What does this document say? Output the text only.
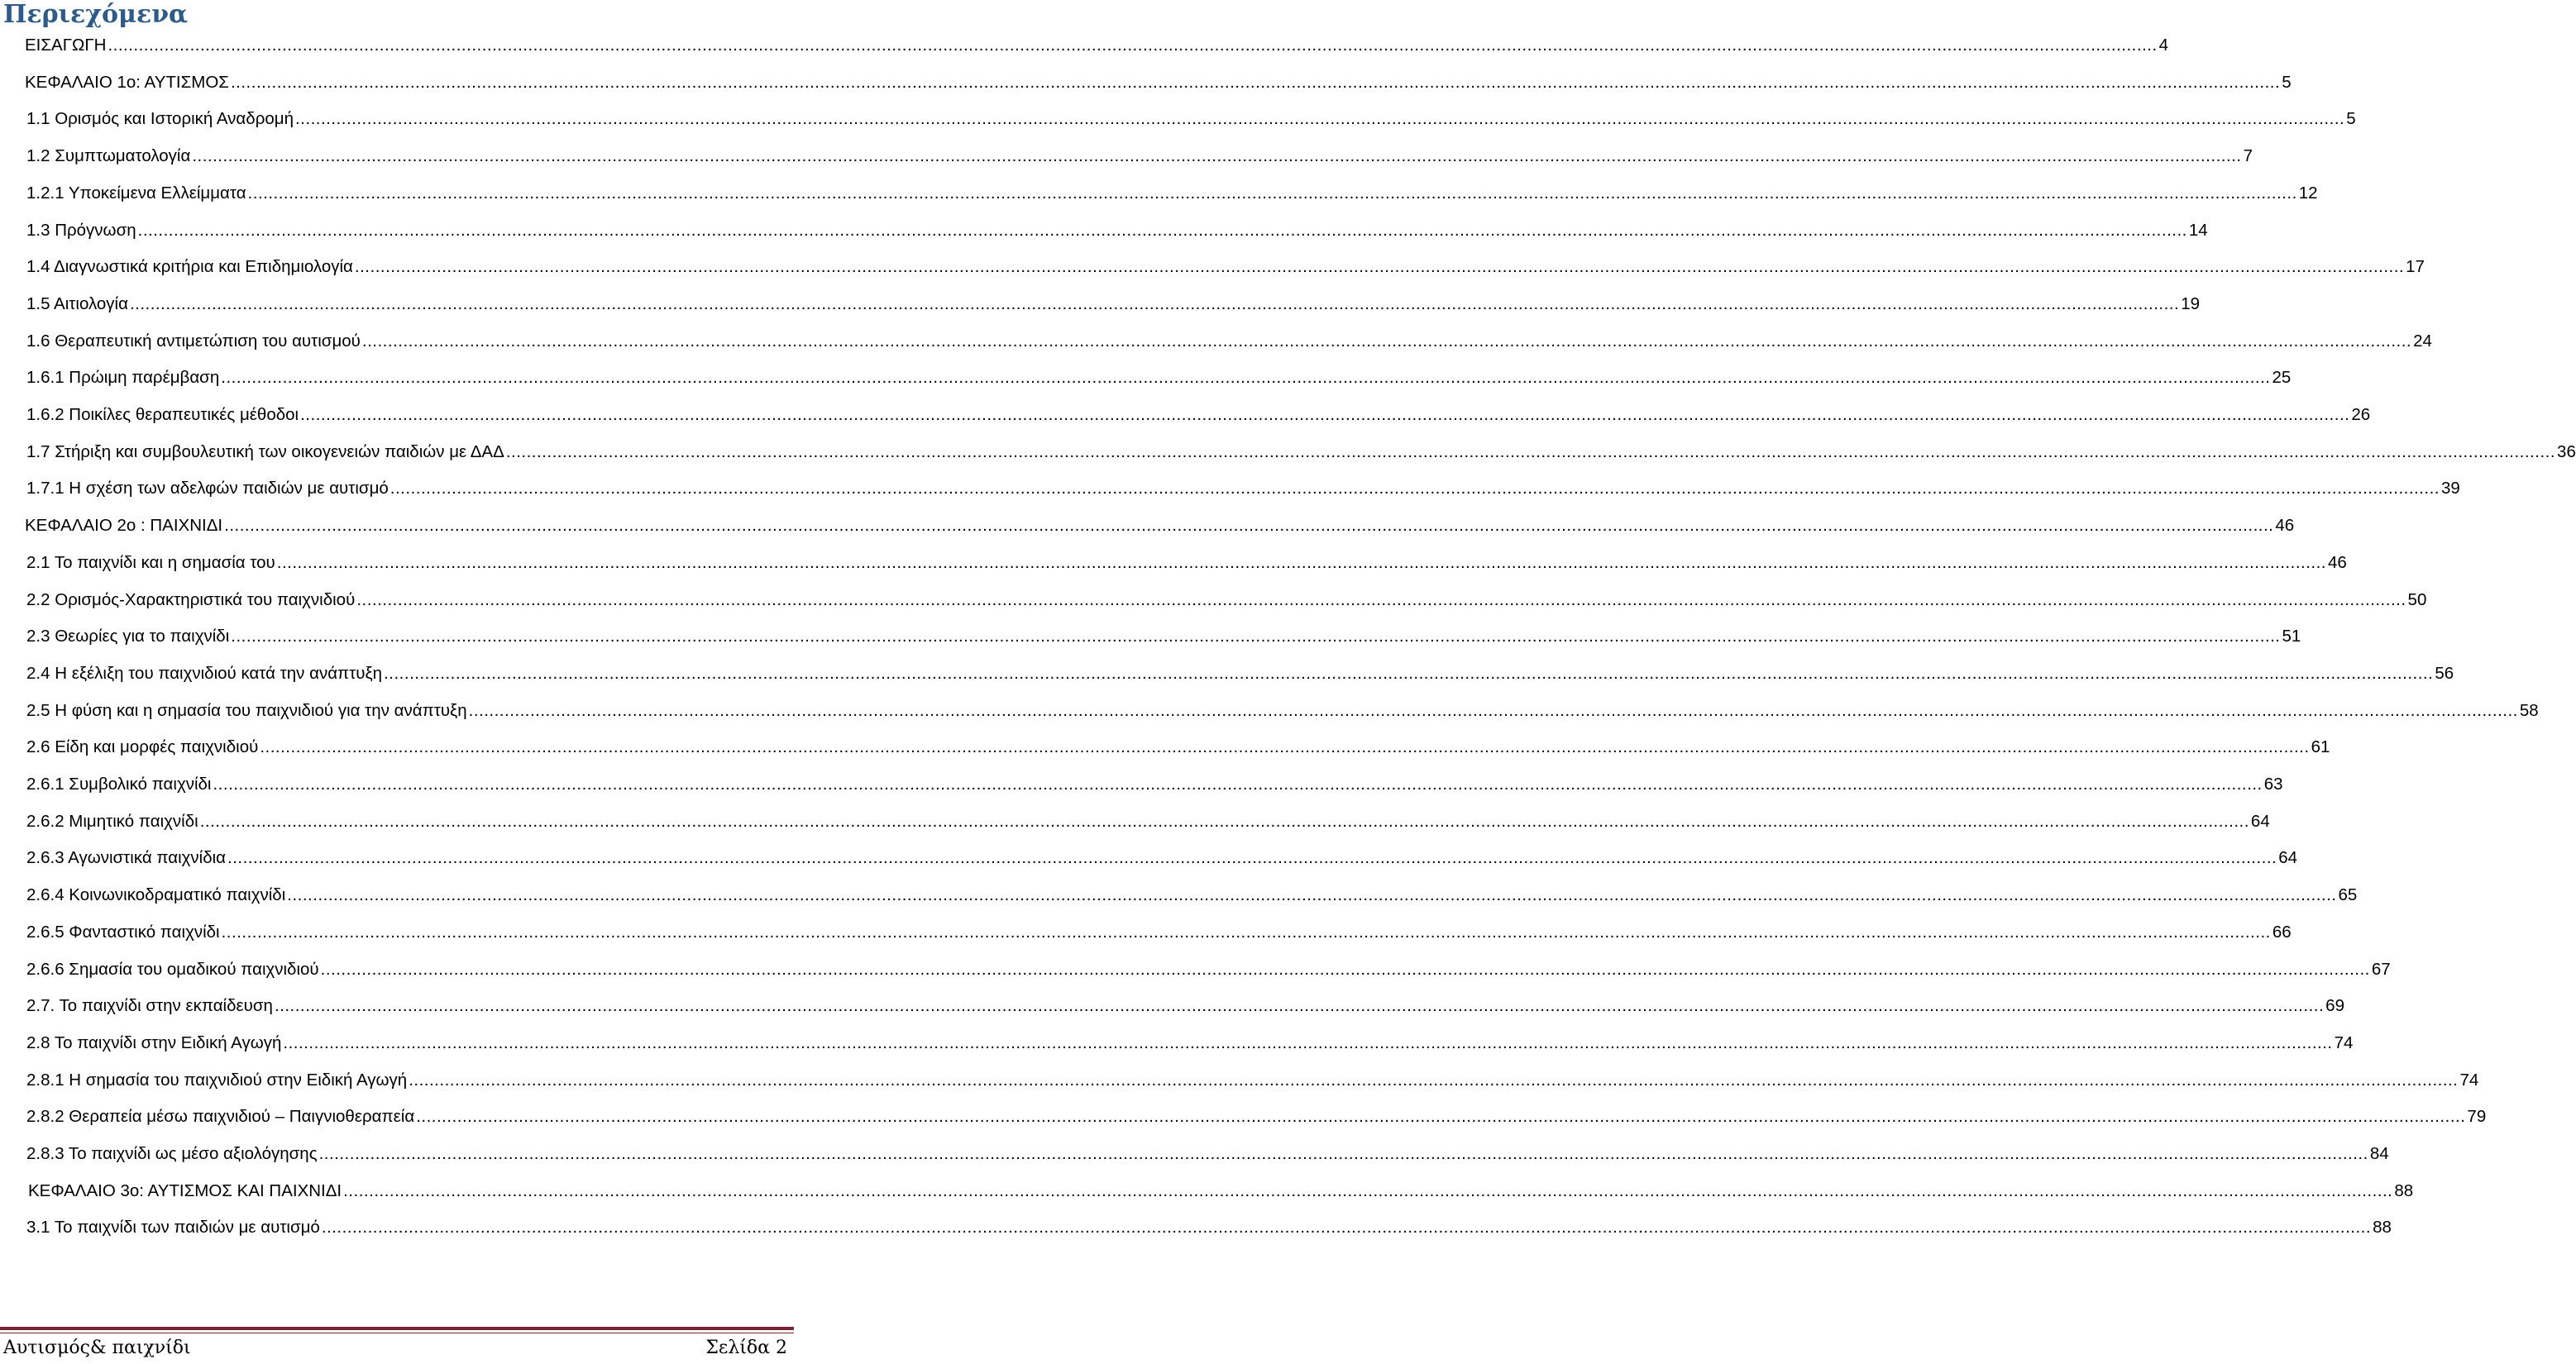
Περιεχόμενα
ΕΙΣΑΓΩΓΗ ................................................................................................................................................................................................................................................................................................................................................................................................................ 4
ΚΕΦΑΛΑΙΟ 1ο: ΑΥΤΙΣΜΟΣ ................................................................................................................................................................................................................................................................................................................................................................................................................ 5
1.1 Ορισμός και Ιστορική Αναδρομή ................................................................................................................................................................................................................................................................................................................................................................................................................ 5
1.2 Συμπτωματολογία ................................................................................................................................................................................................................................................................................................................................................................................................................ 7
1.2.1 Υποκείμενα Ελλείμματα ................................................................................................................................................................................................................................................................................................................................................................................................................ 12
1.3 Πρόγνωση ................................................................................................................................................................................................................................................................................................................................................................................................................ 14
1.4 Διαγνωστικά κριτήρια και Επιδημιολογία ................................................................................................................................................................................................................................................................................................................................................................................................................ 17
1.5 Αιτιολογία ................................................................................................................................................................................................................................................................................................................................................................................................................ 19
1.6 Θεραπευτική αντιμετώπιση του αυτισμού ................................................................................................................................................................................................................................................................................................................................................................................................................ 24
1.6.1 Πρώιμη παρέμβαση ................................................................................................................................................................................................................................................................................................................................................................................................................ 25
1.6.2 Ποικίλες θεραπευτικές μέθοδοι ................................................................................................................................................................................................................................................................................................................................................................................................................ 26
1.7 Στήριξη και συμβουλευτική των οικογενειών παιδιών με ΔΑΔ ................................................................................................................................................................................................................................................................................................................................................................................................................ 36
1.7.1 Η σχέση των αδελφών παιδιών με αυτισμό ................................................................................................................................................................................................................................................................................................................................................................................................................ 39
ΚΕΦΑΛΑΙΟ 2ο : ΠΑΙΧΝΙΔΙ ................................................................................................................................................................................................................................................................................................................................................................................................................ 46
2.1 Το παιχνίδι και η σημασία του ................................................................................................................................................................................................................................................................................................................................................................................................................ 46
2.2 Ορισμός-Χαρακτηριστικά του παιχνιδιού ................................................................................................................................................................................................................................................................................................................................................................................................................ 50
2.3 Θεωρίες για το παιχνίδι ................................................................................................................................................................................................................................................................................................................................................................................................................ 51
2.4 Η εξέλιξη του παιχνιδιού κατά την ανάπτυξη ................................................................................................................................................................................................................................................................................................................................................................................................................ 56
2.5 Η φύση και η σημασία του παιχνιδιού για την ανάπτυξη ................................................................................................................................................................................................................................................................................................................................................................................................................ 58
2.6 Είδη και μορφές παιχνιδιού ................................................................................................................................................................................................................................................................................................................................................................................................................ 61
2.6.1 Συμβολικό παιχνίδι ................................................................................................................................................................................................................................................................................................................................................................................................................ 63
2.6.2 Μιμητικό παιχνίδι ................................................................................................................................................................................................................................................................................................................................................................................................................ 64
2.6.3 Αγωνιστικά παιχνίδια ................................................................................................................................................................................................................................................................................................................................................................................................................ 64
2.6.4 Κοινωνικοδραματικό παιχνίδι ................................................................................................................................................................................................................................................................................................................................................................................................................ 65
2.6.5 Φανταστικό παιχνίδι ................................................................................................................................................................................................................................................................................................................................................................................................................ 66
2.6.6 Σημασία του ομαδικού παιχνιδιού ................................................................................................................................................................................................................................................................................................................................................................................................................ 67
2.7. Το παιχνίδι στην εκπαίδευση ................................................................................................................................................................................................................................................................................................................................................................................................................ 69
2.8 Το παιχνίδι στην Ειδική Αγωγή ................................................................................................................................................................................................................................................................................................................................................................................................................ 74
2.8.1 Η σημασία του παιχνιδιού στην Ειδική Αγωγή ................................................................................................................................................................................................................................................................................................................................................................................................................ 74
2.8.2 Θεραπεία μέσω παιχνιδιού – Παιγνιοθεραπεία ................................................................................................................................................................................................................................................................................................................................................................................................................ 79
2.8.3 Το παιχνίδι ως μέσο αξιολόγησης ................................................................................................................................................................................................................................................................................................................................................................................................................ 84
ΚΕΦΑΛΑΙΟ 3ο: ΑΥΤΙΣΜΟΣ ΚΑΙ ΠΑΙΧΝΙΔΙ ................................................................................................................................................................................................................................................................................................................................................................................................................ 88
3.1 Το παιχνίδι των παιδιών με αυτισμό ................................................................................................................................................................................................................................................................................................................................................................................................................ 88
Αυτισμός& παιχνίδι	Σελίδα 2
